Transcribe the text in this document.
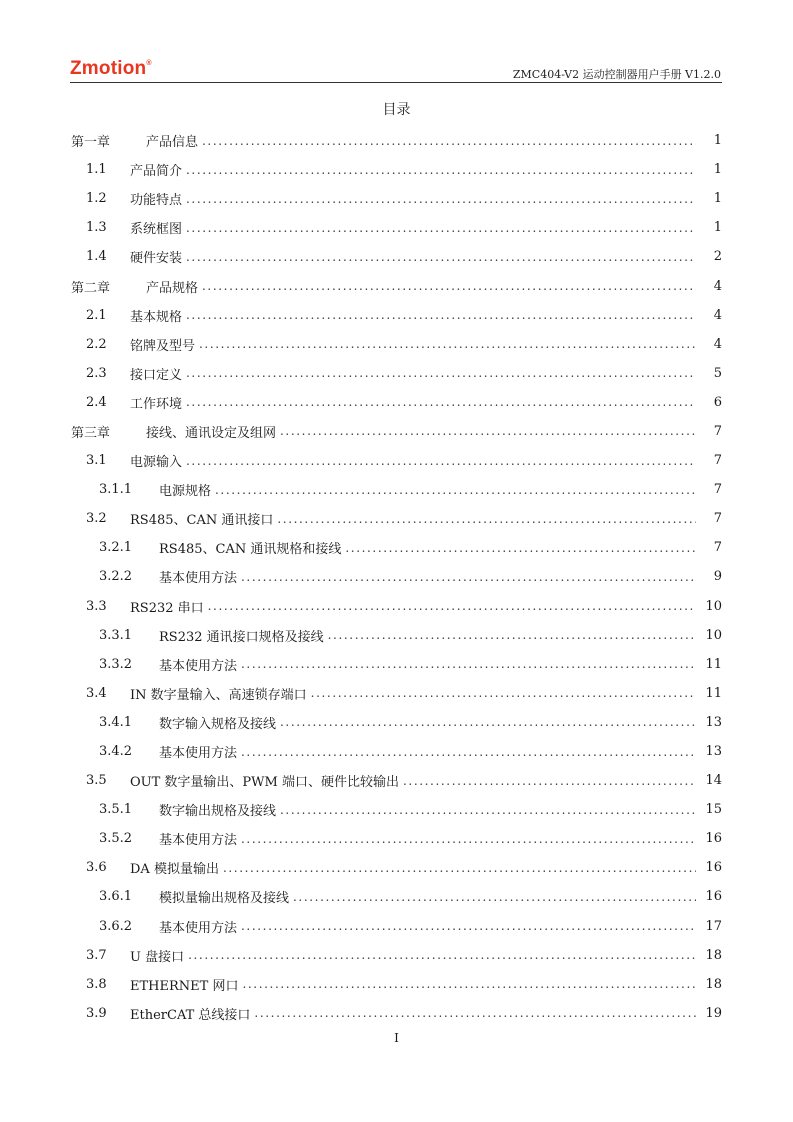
Zmotion®
ZMC404-V2 运动控制器用户手册 V1.2.0
目录
第一章	产品信息 .....	1
1.1	产品简介 .....	1
1.2	功能特点 .....	1
1.3	系统框图 .....	1
1.4	硬件安装 .....	2
第二章	产品规格 .....	4
2.1	基本规格 .....	4
2.2	铭牌及型号 .....	4
2.3	接口定义 .....	5
2.4	工作环境 .....	6
第三章	接线、通讯设定及组网 .....	7
3.1	电源输入 .....	7
3.1.1	电源规格 .....	7
3.2	RS485、CAN 通讯接口 .....	7
3.2.1	RS485、CAN 通讯规格和接线 .....	7
3.2.2	基本使用方法 .....	9
3.3	RS232 串口 .....	10
3.3.1	RS232 通讯接口规格及接线 .....	10
3.3.2	基本使用方法 .....	11
3.4	IN 数字量输入、高速锁存端口 .....	11
3.4.1	数字输入规格及接线 .....	13
3.4.2	基本使用方法 .....	13
3.5	OUT 数字量输出、PWM 端口、硬件比较输出 .....	14
3.5.1	数字输出规格及接线 .....	15
3.5.2	基本使用方法 .....	16
3.6	DA 模拟量输出 .....	16
3.6.1	模拟量输出规格及接线 .....	16
3.6.2	基本使用方法 .....	17
3.7	U 盘接口 .....	18
3.8	ETHERNET 网口 .....	18
3.9	EtherCAT 总线接口 .....	19
I
